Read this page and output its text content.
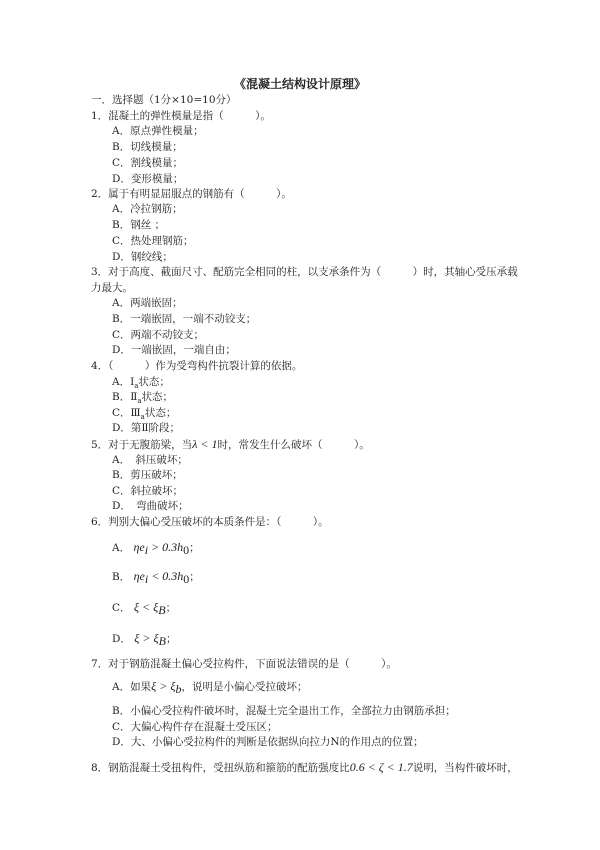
《混凝土结构设计原理》
一．选择题（1分×10=10分）
1．混凝土的弹性模量是指（　　　）。
A．原点弹性模量；
B．切线模量；
C．割线模量；
D．变形模量；
2．属于有明显屈服点的钢筋有（　　　）。
A．冷拉钢筋；
B．钢丝 ；
C．热处理钢筋；
D．钢绞线；
3．对于高度、截面尺寸、配筋完全相同的柱，以支承条件为（　　　）时，其轴心受压承载
力最大。
A．两端嵌固；
B．一端嵌固，一端不动铰支；
C．两端不动铰支；
D．一端嵌固，一端自由；
4．（　　　）作为受弯构件抗裂计算的依据。
A．$Ⅰ_a$状态；
B．$Ⅱ_a$状态；
C．$Ⅲ_a$状态；
D．第Ⅱ阶段；
5．对于无腹筋梁，当λ < 1时，常发生什么破坏（　　　）。
A．　斜压破坏；
B．剪压破坏；
C．斜拉破坏；
D．　弯曲破坏；
6．判别大偏心受压破坏的本质条件是：（　　　）。
A． $\eta e_i > 0.3h_0$；
B． $\eta e_i < 0.3h_0$；
C． $\xi < \xi_B$；
D． $\xi > \xi_B$；
7．对于钢筋混凝土偏心受拉构件，下面说法错误的是（　　　）。
A．如果$\xi > \xi_b$，说明是小偏心受拉破坏；
B．小偏心受拉构件破坏时，混凝土完全退出工作，全部拉力由钢筋承担；
C．大偏心构件存在混凝土受压区；
D．大、小偏心受拉构件的判断是依据纵向拉力N的作用点的位置；
8．钢筋混凝土受扭构件，受扭纵筋和箍筋的配筋强度比0.6 < ζ < 1.7说明，当构件破坏时，
